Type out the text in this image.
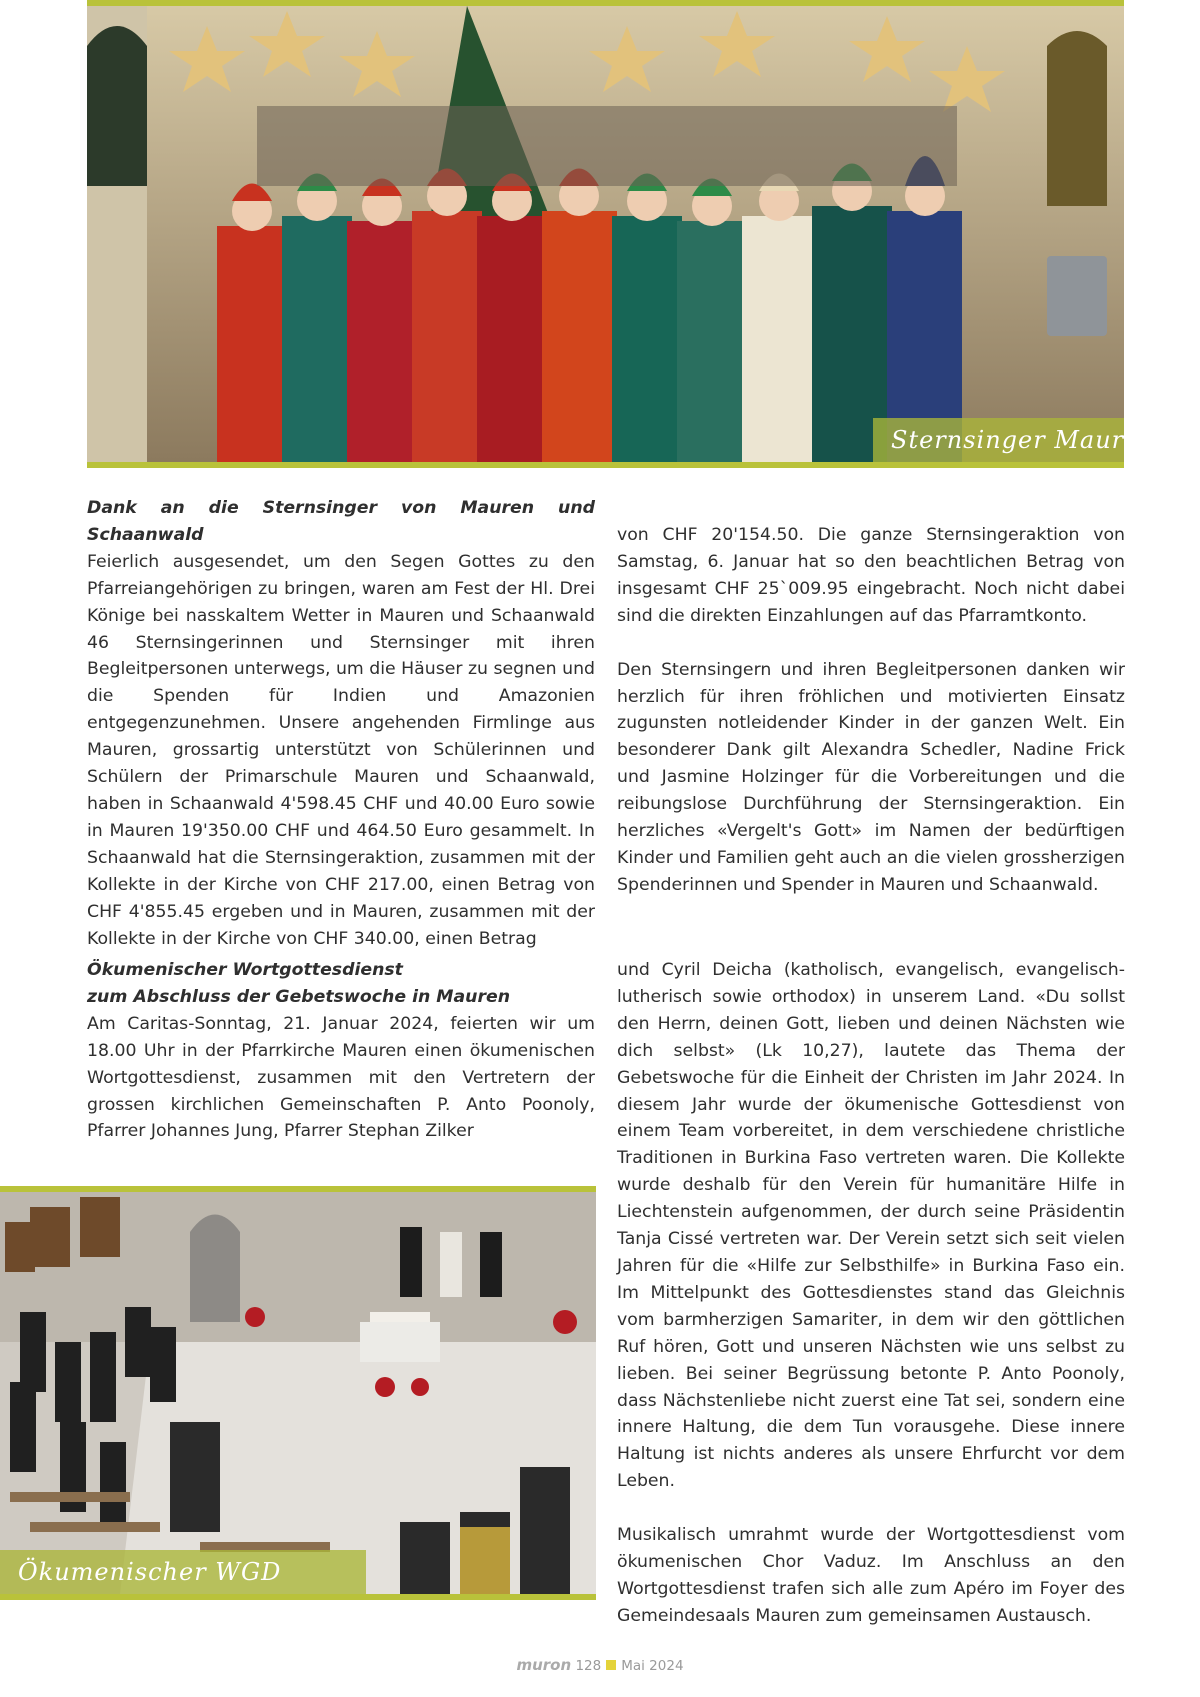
Sternsinger Mauren
Dank an die Sternsinger von Mauren und Schaanwald

Feierlich ausgesendet, um den Segen Gottes zu den Pfarreiangehörigen zu bringen, waren am Fest der Hl. Drei Könige bei nasskaltem Wetter in Mauren und Schaanwald 46 Sternsingerinnen und Sternsinger mit ihren Begleitpersonen unterwegs, um die Häuser zu segnen und die Spenden für Indien und Amazonien entgegenzunehmen. Unsere angehenden Firmlinge aus Mauren, grossartig unterstützt von Schülerinnen und Schülern der Primarschule Mauren und Schaanwald, haben in Schaanwald 4'598.45 CHF und 40.00 Euro sowie in Mauren 19'350.00 CHF und 464.50 Euro gesammelt. In Schaanwald hat die Sternsingeraktion, zusammen mit der Kollekte in der Kirche von CHF 217.00, einen Betrag von CHF 4'855.45 ergeben und in Mauren, zusammen mit der Kollekte in der Kirche von CHF 340.00, einen Betrag

von CHF 20'154.50. Die ganze Sternsingeraktion von Samstag, 6. Januar hat so den beachtlichen Betrag von insgesamt CHF 25`009.95 eingebracht. Noch nicht dabei sind die direkten Einzahlungen auf das Pfarramtkonto.

Den Sternsingern und ihren Begleitpersonen danken wir herzlich für ihren fröhlichen und motivierten Einsatz zugunsten notleidender Kinder in der ganzen Welt. Ein besonderer Dank gilt Alexandra Schedler, Nadine Frick und Jasmine Holzinger für die Vorbereitungen und die reibungslose Durchführung der Sternsingeraktion. Ein herzliches «Vergelt's Gott» im Namen der bedürftigen Kinder und Familien geht auch an die vielen grossherzigen Spenderinnen und Spender in Mauren und Schaanwald.

Ökumenischer Wortgottesdienst
zum Abschluss der Gebetswoche in Mauren

Am Caritas-Sonntag, 21. Januar 2024, feierten wir um 18.00 Uhr in der Pfarrkirche Mauren einen ökumenischen Wortgottesdienst, zusammen mit den Vertretern der grossen kirchlichen Gemeinschaften P. Anto Poonoly, Pfarrer Johannes Jung, Pfarrer Stephan Zilker

und Cyril Deicha (katholisch, evangelisch, evangelisch-lutherisch sowie orthodox) in unserem Land. «Du sollst den Herrn, deinen Gott, lieben und deinen Nächsten wie dich selbst» (Lk 10,27), lautete das Thema der Gebetswoche für die Einheit der Christen im Jahr 2024. In diesem Jahr wurde der ökumenische Gottesdienst von einem Team vorbereitet, in dem verschiedene christliche Traditionen in Burkina Faso vertreten waren. Die Kollekte wurde deshalb für den Verein für humanitäre Hilfe in Liechtenstein aufgenommen, der durch seine Präsidentin Tanja Cissé vertreten war. Der Verein setzt sich seit vielen Jahren für die «Hilfe zur Selbsthilfe» in Burkina Faso ein. Im Mittelpunkt des Gottesdienstes stand das Gleichnis vom barmherzigen Samariter, in dem wir den göttlichen Ruf hören, Gott und unseren Nächsten wie uns selbst zu lieben. Bei seiner Begrüssung betonte P. Anto Poonoly, dass Nächstenliebe nicht zuerst eine Tat sei, sondern eine innere Haltung, die dem Tun vorausgehe. Diese innere Haltung ist nichts anderes als unsere Ehrfurcht vor dem Leben.

Musikalisch umrahmt wurde der Wortgottesdienst vom ökumenischen Chor Vaduz. Im Anschluss an den Wortgottesdienst trafen sich alle zum Apéro im Foyer des Gemeindesaals Mauren zum gemeinsamen Austausch.

Ökumenischer WGD
muron 128 Mai 2024
